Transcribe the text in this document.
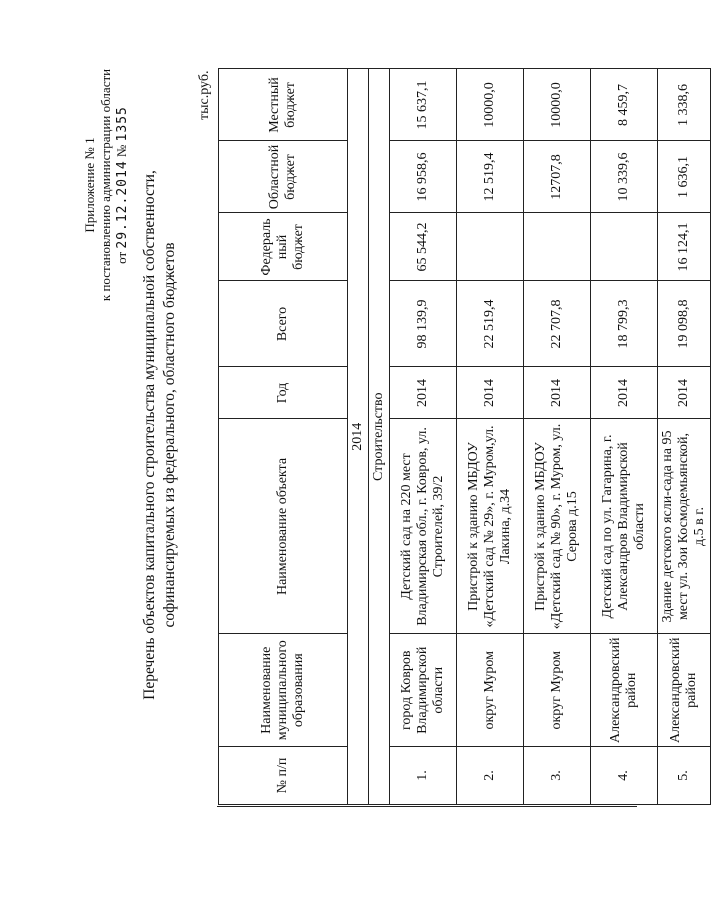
Приложение № 1 к постановлению администрации области от 29.12.2014 № 1355
Перечень объектов капитального строительства муниципальной собственности, софинансируемых из федерального, областного бюджетов
тыс.руб.
№ п/п	Наименование муниципального образования	Наименование объекта	Год	Всего	Федераль ный бюджет	Областной бюджет	Местный бюджет
2014							
Строительство							
1.	город Ковров Владимирской области	Детский сад на 220 мест Владимирская обл., г. Ковров, ул. Строителей, 39/2	2014	98 139,9	65 544,2	16 958,6	15 637,1
2.	округ Муром	Пристрой к зданию МБДОУ «Детский сад № 29», г. Муром,ул. Лакина, д.34	2014	22 519,4		12 519,4	10000,0
3.	округ Муром	Пристрой к зданию МБДОУ «Детский сад № 90», г. Муром, ул. Серова д.15	2014	22 707,8		12707,8	10000,0
4.	Александровский район	Детский сад по ул. Гагарина, г. Александров Владимирской области	2014	18 799,3		10 339,6	8 459,7
5.	Александровский район	Здание детского ясли-сада на 95 мест ул. Зои Космодемьянской, д.5 в г.	2014	19 098,8	16 124,1	1 636,1	1 338,6
